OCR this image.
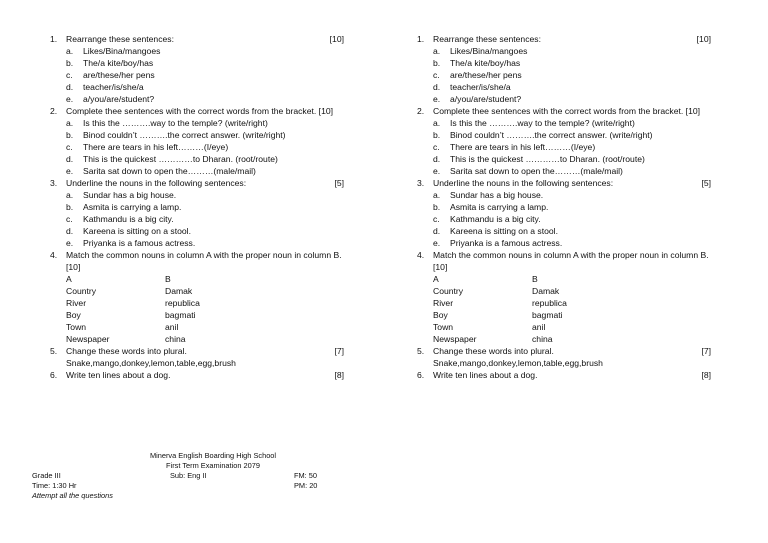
1.	Rearrange these sentences:	[10]
a.	Likes/Bina/mangoes
b.	The/a kite/boy/has
c.	are/these/her pens
d.	teacher/is/she/a
e.	a/you/are/student?
2.	Complete thee sentences with the correct words from the bracket. [10]
a.	Is this the ……….way to the temple? (write/right)
b.	Binod couldn’t ……….the correct answer. (write/right)
c.	There are tears in his left………(I/eye)
d.	This is the quickest …………to Dharan. (root/route)
e.	Sarita sat down to open the………(male/mail)
3.	Underline the nouns in the following sentences:	[5]
a.	Sundar has a big house.
b.	Asmita is carrying a lamp.
c.	Kathmandu is a big city.
d.	Kareena is sitting on a stool.
e.	Priyanka is a famous actress.
4.	Match the common nouns in column A with the proper noun in column B.
[10]
A	B
Country	Damak
River	republica
Boy	bagmati
Town	anil
Newspaper	china
5.	Change these words into plural.	[7]
Snake,mango,donkey,lemon,table,egg,brush
6.	Write ten lines about a dog.	[8]
1.	Rearrange these sentences:	[10]
a.	Likes/Bina/mangoes
b.	The/a kite/boy/has
c.	are/these/her pens
d.	teacher/is/she/a
e.	a/you/are/student?
2.	Complete thee sentences with the correct words from the bracket. [10]
a.	Is this the ……….way to the temple? (write/right)
b.	Binod couldn’t ……….the correct answer. (write/right)
c.	There are tears in his left………(I/eye)
d.	This is the quickest …………to Dharan. (root/route)
e.	Sarita sat down to open the………(male/mail)
3.	Underline the nouns in the following sentences:	[5]
a.	Sundar has a big house.
b.	Asmita is carrying a lamp.
c.	Kathmandu is a big city.
d.	Kareena is sitting on a stool.
e.	Priyanka is a famous actress.
4.	Match the common nouns in column A with the proper noun in column B.
[10]
A	B
Country	Damak
River	republica
Boy	bagmati
Town	anil
Newspaper	china
5.	Change these words into plural.	[7]
Snake,mango,donkey,lemon,table,egg,brush
6.	Write ten lines about a dog.	[8]
Minerva English Boarding High School
First Term Examination 2079
Grade III	Sub: Eng II	FM: 50
Time: 1:30 Hr	PM: 20
Attempt all the questions
